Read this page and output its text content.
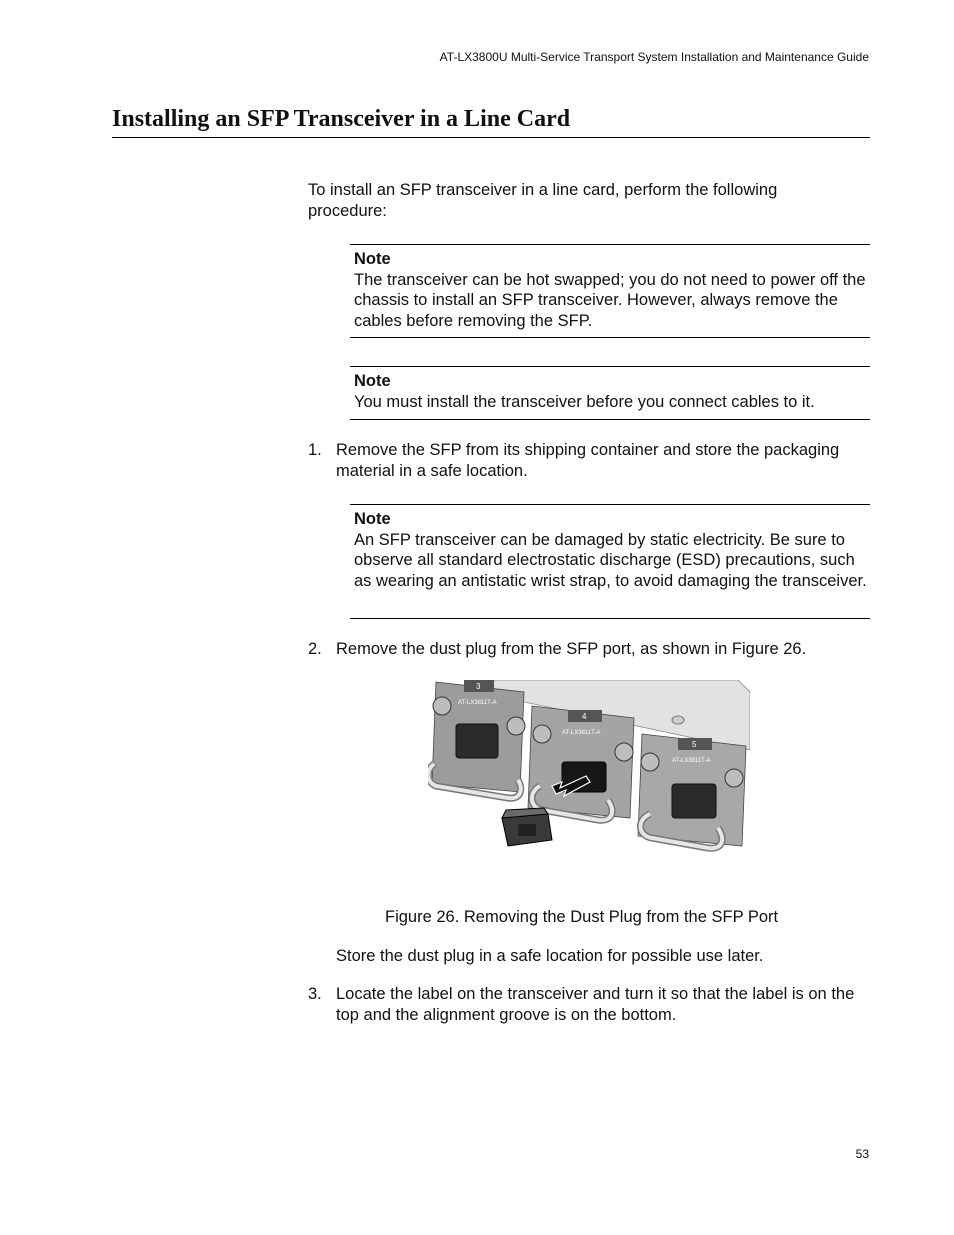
AT-LX3800U Multi-Service Transport System Installation and Maintenance Guide
Installing an SFP Transceiver in a Line Card
To install an SFP transceiver in a line card, perform the following procedure:
Note
The transceiver can be hot swapped; you do not need to power off the chassis to install an SFP transceiver. However, always remove the cables before removing the SFP.
Note
You must install the transceiver before you connect cables to it.
1. Remove the SFP from its shipping container and store the packaging material in a safe location.
Note
An SFP transceiver can be damaged by static electricity. Be sure to observe all standard electrostatic discharge (ESD) precautions, such as wearing an antistatic wrist strap, to avoid damaging the transceiver.
2. Remove the dust plug from the SFP port, as shown in Figure 26.
3
4
5
AT-LX3811T-A
AT-LX3811T-A
AT-LX3811T-A
Figure 26. Removing the Dust Plug from the SFP Port
Store the dust plug in a safe location for possible use later.
3. Locate the label on the transceiver and turn it so that the label is on the top and the alignment groove is on the bottom.
53
